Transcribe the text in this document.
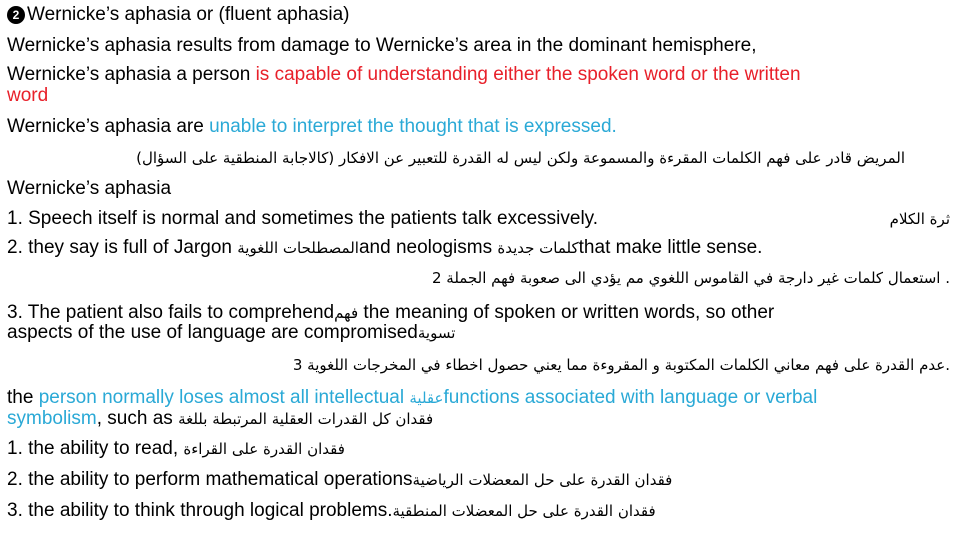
2 Wernicke’s aphasia or (fluent aphasia)
Wernicke’s aphasia results from damage to Wernicke’s area in the dominant hemisphere,
Wernicke’s aphasia a person is capable of understanding either the spoken word or the written
word
Wernicke’s aphasia are unable to interpret the thought that is expressed.
المريض قادر على فهم الكلمات المقرءة والمسموعة ولكن ليس له القدرة للتعبير عن الافكار (كالاجابة المنطقية على السؤال)
Wernicke’s aphasia
1. Speech itself is normal and sometimes the patients talk excessively.	ثرة الكلام
2. they say is full of Jargon المصطلحات اللغويةand neologisms كلمات جديدةthat make little sense.
. استعمال كلمات غير دارجة في القاموس اللغوي مم يؤدي الى صعوبة فهم الجملة 2
3. The patient also fails to comprehendفهم the meaning of spoken or written words, so other
aspects of the use of language are compromisedتسوية
.عدم القدرة على فهم معاني الكلمات المكتوبة و المقروءة مما يعني حصول اخطاء في المخرجات اللغوية 3
the person normally loses almost all intellectual عقليةfunctions associated with language or verbal
symbolism, such as فقدان كل القدرات العقلية المرتبطة بللغة
1. the ability to read, فقدان القدرة على القراءة
2. the ability to perform mathematical operationsفقدان القدرة على حل المعضلات الرياضية
3. the ability to think through logical problems.فقدان القدرة على حل المعضلات المنطقية
